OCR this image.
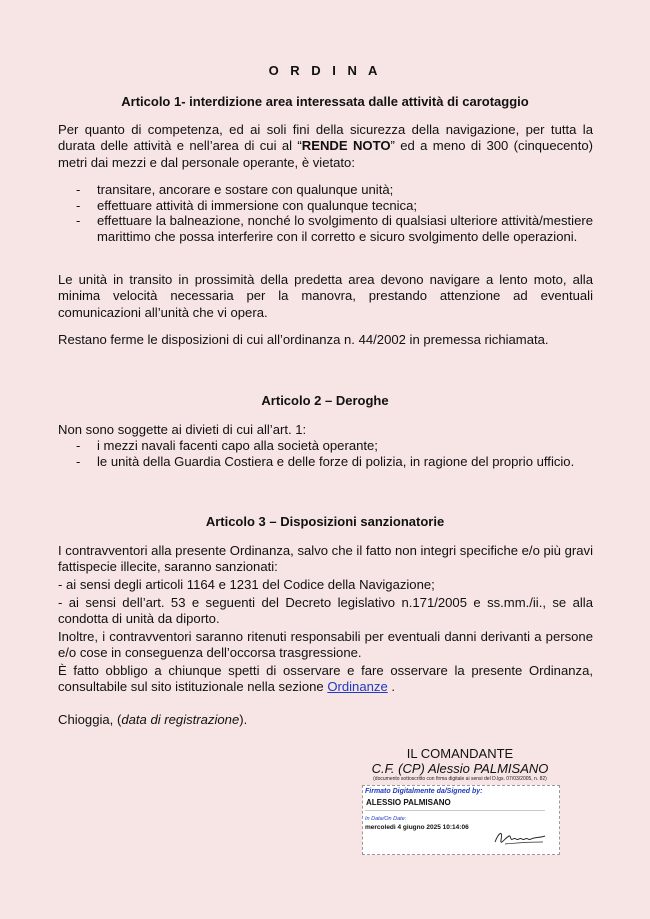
O R D I N A
Articolo 1- interdizione area interessata dalle attività di carotaggio
Per quanto di competenza, ed ai soli fini della sicurezza della navigazione, per tutta la durata delle attività e nell’area di cui al “RENDE NOTO” ed a meno di 300 (cinquecento) metri dai mezzi e dal personale operante, è vietato:
- transitare, ancorare e sostare con qualunque unità;
- effettuare attività di immersione con qualunque tecnica;
- effettuare la balneazione, nonché lo svolgimento di qualsiasi ulteriore attività/mestiere marittimo che possa interferire con il corretto e sicuro svolgimento delle operazioni.
Le unità in transito in prossimità della predetta area devono navigare a lento moto, alla minima velocità necessaria per la manovra, prestando attenzione ad eventuali comunicazioni all’unità che vi opera.
Restano ferme le disposizioni di cui all’ordinanza n. 44/2002 in premessa richiamata.
Articolo 2 – Deroghe
Non sono soggette ai divieti di cui all’art. 1:
- i mezzi navali facenti capo alla società operante;
- le unità della Guardia Costiera e delle forze di polizia, in ragione del proprio ufficio.
Articolo 3 – Disposizioni sanzionatorie
I contravventori alla presente Ordinanza, salvo che il fatto non integri specifiche e/o più gravi fattispecie illecite, saranno sanzionati:
- ai sensi degli articoli 1164 e 1231 del Codice della Navigazione;
- ai sensi dell’art. 53 e seguenti del Decreto legislativo n.171/2005 e ss.mm./ii., se alla condotta di unità da diporto.
Inoltre, i contravventori saranno ritenuti responsabili per eventuali danni derivanti a persone e/o cose in conseguenza dell’occorsa trasgressione.
È fatto obbligo a chiunque spetti di osservare e fare osservare la presente Ordinanza, consultabile sul sito istituzionale nella sezione Ordinanze .
Chioggia, (data di registrazione).
IL COMANDANTE
C.F. (CP) Alessio PALMISANO
(documento sottoscritto con firma digitale ai sensi del D.lgs. 07/03/2005, n. 82)
Firmato Digitalmente da/Signed by:
ALESSIO PALMISANO
In Data/On Date:
mercoledì 4 giugno 2025 10:14:06
